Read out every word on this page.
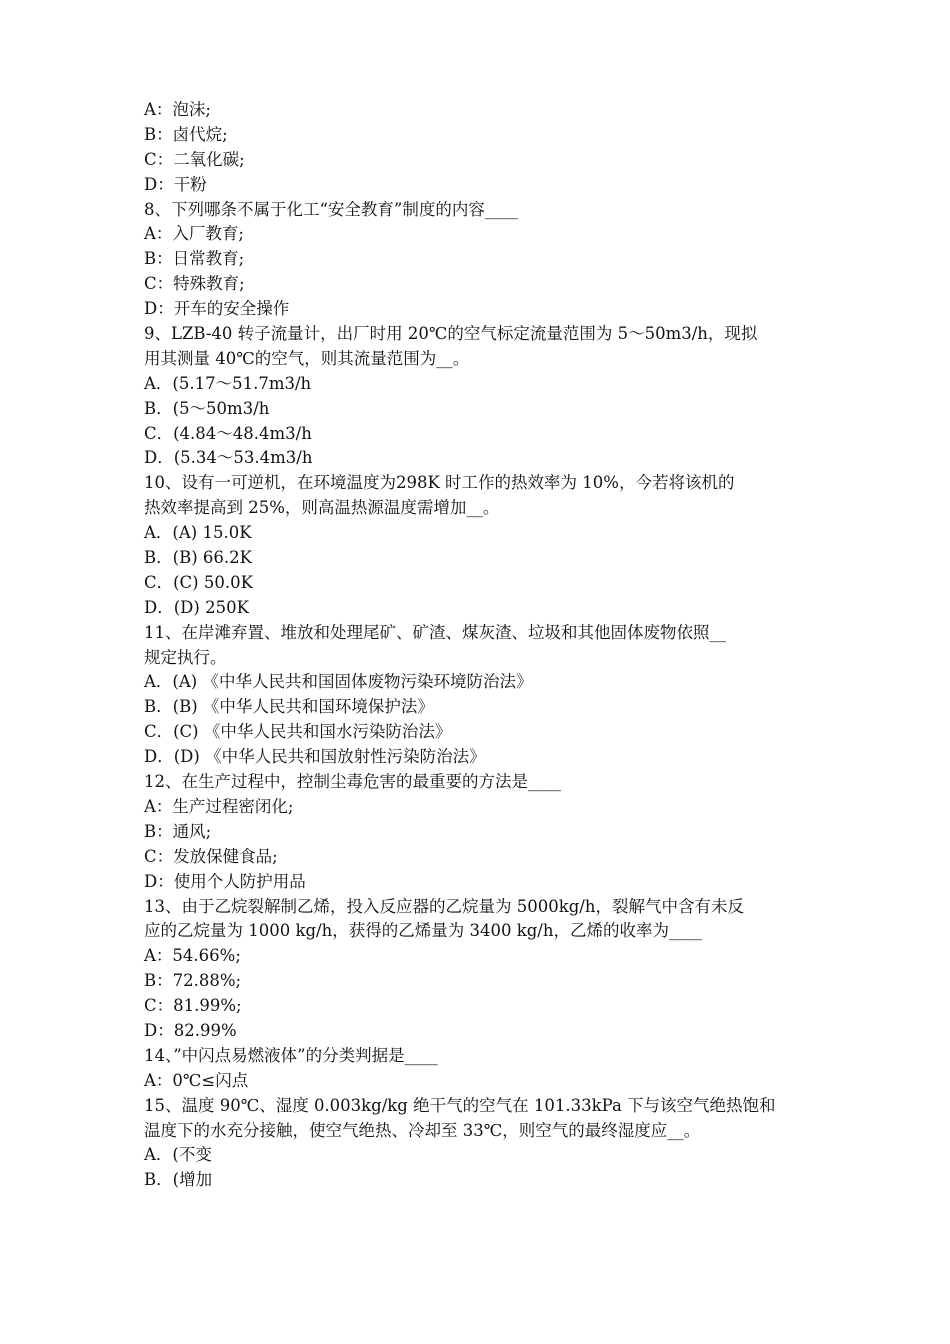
A：泡沫;
B：卤代烷;
C：二氧化碳;
D：干粉
8、下列哪条不属于化工“安全教育”制度的内容____
A：入厂教育;
B：日常教育;
C：特殊教育;
D：开车的安全操作
9、LZB-40 转子流量计，出厂时用 20℃的空气标定流量范围为 5～50m3/h，现拟
用其测量 40℃的空气，则其流量范围为__。
A．(5.17～51.7m3/h
B．(5～50m3/h
C．(4.84～48.4m3/h
D．(5.34～53.4m3/h
10、设有一可逆机，在环境温度为298K 时工作的热效率为 10%，今若将该机的
热效率提高到 25%，则高温热源温度需增加__。
A．(A) 15.0K
B．(B) 66.2K
C．(C) 50.0K
D．(D) 250K
11、在岸滩弃置、堆放和处理尾矿、矿渣、煤灰渣、垃圾和其他固体废物依照__
规定执行。
A．(A) 《中华人民共和国固体废物污染环境防治法》
B．(B) 《中华人民共和国环境保护法》
C．(C) 《中华人民共和国水污染防治法》
D．(D) 《中华人民共和国放射性污染防治法》
12、在生产过程中，控制尘毒危害的最重要的方法是____
A：生产过程密闭化;
B：通风;
C：发放保健食品;
D：使用个人防护用品
13、由于乙烷裂解制乙烯，投入反应器的乙烷量为 5000kg/h，裂解气中含有未反
应的乙烷量为 1000 kg/h，获得的乙烯量为 3400 kg/h，乙烯的收率为____
A：54.66%;
B：72.88%;
C：81.99%;
D：82.99%
14、”中闪点易燃液体”的分类判据是____
A：0℃≤闪点
15、温度 90℃、湿度 0.003kg/kg 绝干气的空气在 101.33kPa 下与该空气绝热饱和
温度下的水充分接触，使空气绝热、冷却至 33℃，则空气的最终湿度应__。
A．(不变
B．(增加
